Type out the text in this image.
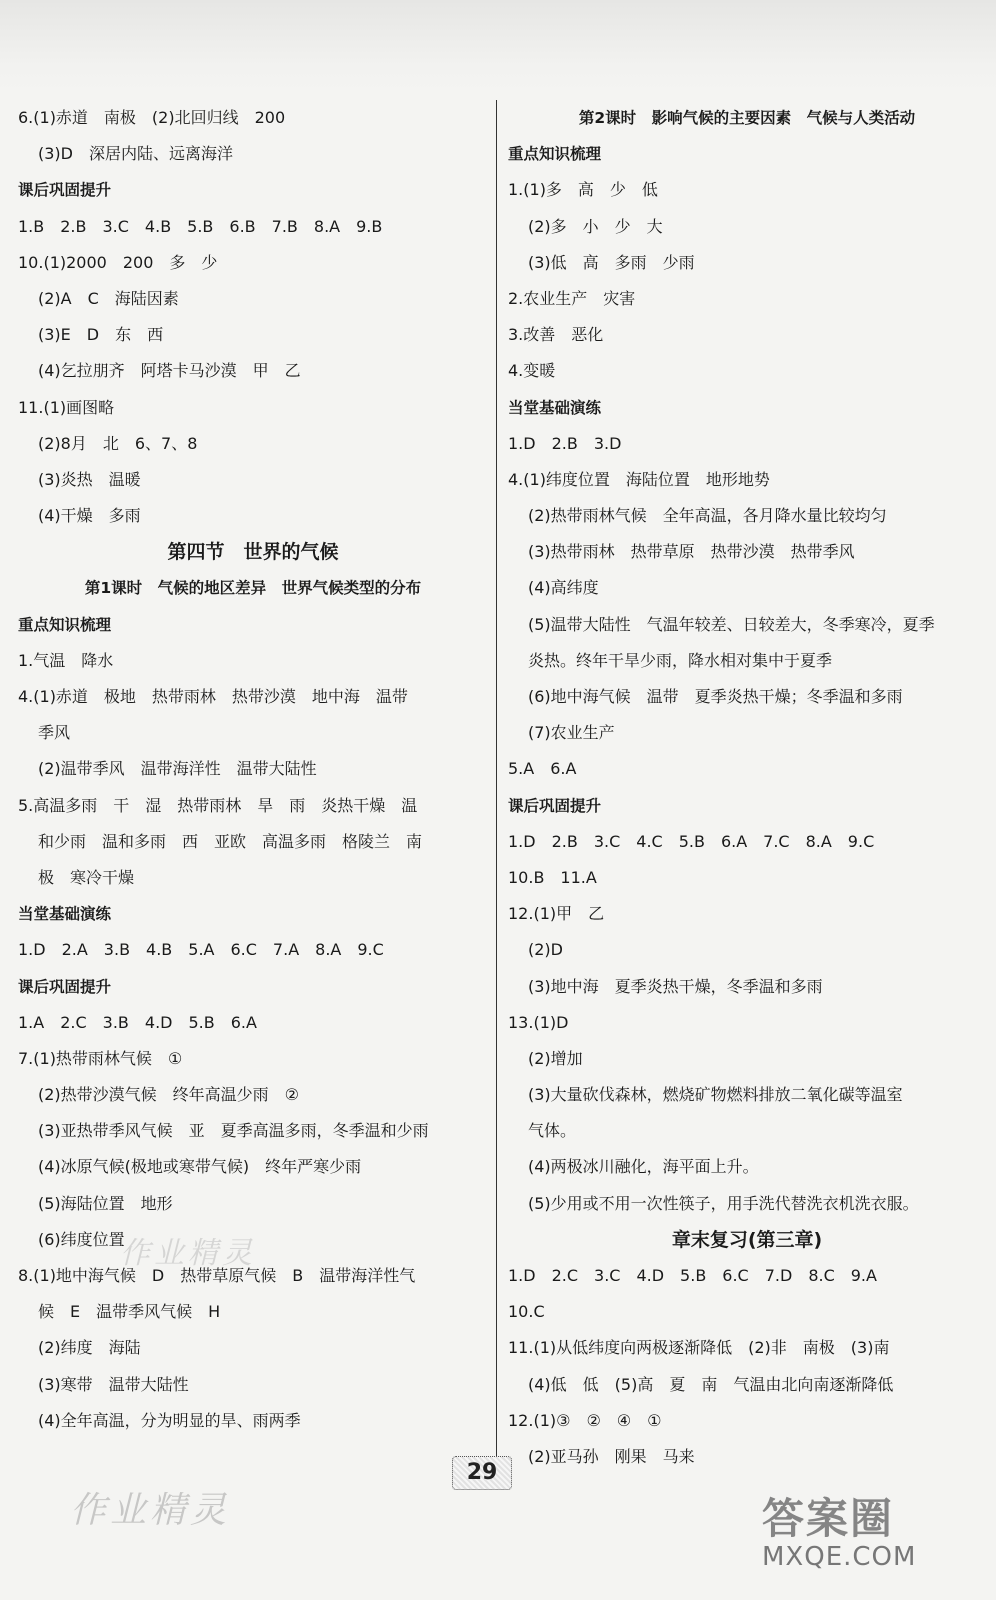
6.(1)赤道　南极　(2)北回归线　200
(3)D　深居内陆、远离海洋
课后巩固提升
1.B　2.B　3.C　4.B　5.B　6.B　7.B　8.A　9.B
10.(1)2000　200　多　少
(2)A　C　海陆因素
(3)E　D　东　西
(4)乞拉朋齐　阿塔卡马沙漠　甲　乙
11.(1)画图略
(2)8月　北　6、7、8
(3)炎热　温暖
(4)干燥　多雨
第四节　世界的气候
第1课时　气候的地区差异　世界气候类型的分布
重点知识梳理
1.气温　降水
4.(1)赤道　极地　热带雨林　热带沙漠　地中海　温带
季风
(2)温带季风　温带海洋性　温带大陆性
5.高温多雨　干　湿　热带雨林　旱　雨　炎热干燥　温
和少雨　温和多雨　西　亚欧　高温多雨　格陵兰　南
极　寒冷干燥
当堂基础演练
1.D　2.A　3.B　4.B　5.A　6.C　7.A　8.A　9.C
课后巩固提升
1.A　2.C　3.B　4.D　5.B　6.A
7.(1)热带雨林气候　①
(2)热带沙漠气候　终年高温少雨　②
(3)亚热带季风气候　亚　夏季高温多雨，冬季温和少雨
(4)冰原气候(极地或寒带气候)　终年严寒少雨
(5)海陆位置　地形
(6)纬度位置
8.(1)地中海气候　D　热带草原气候　B　温带海洋性气
候　E　温带季风气候　H
(2)纬度　海陆
(3)寒带　温带大陆性
(4)全年高温，分为明显的旱、雨两季
第2课时　影响气候的主要因素　气候与人类活动
重点知识梳理
1.(1)多　高　少　低
(2)多　小　少　大
(3)低　高　多雨　少雨
2.农业生产　灾害
3.改善　恶化
4.变暖
当堂基础演练
1.D　2.B　3.D
4.(1)纬度位置　海陆位置　地形地势
(2)热带雨林气候　全年高温，各月降水量比较均匀
(3)热带雨林　热带草原　热带沙漠　热带季风
(4)高纬度
(5)温带大陆性　气温年较差、日较差大，冬季寒冷，夏季
炎热。终年干旱少雨，降水相对集中于夏季
(6)地中海气候　温带　夏季炎热干燥；冬季温和多雨
(7)农业生产
5.A　6.A
课后巩固提升
1.D　2.B　3.C　4.C　5.B　6.A　7.C　8.A　9.C
10.B　11.A
12.(1)甲　乙
(2)D
(3)地中海　夏季炎热干燥，冬季温和多雨
13.(1)D
(2)增加
(3)大量砍伐森林，燃烧矿物燃料排放二氧化碳等温室
气体。
(4)两极冰川融化，海平面上升。
(5)少用或不用一次性筷子，用手洗代替洗衣机洗衣服。
章末复习(第三章)
1.D　2.C　3.C　4.D　5.B　6.C　7.D　8.C　9.A
10.C
11.(1)从低纬度向两极逐渐降低　(2)非　南极　(3)南
(4)低　低　(5)高　夏　南　气温由北向南逐渐降低
12.(1)③　②　④　①
(2)亚马孙　刚果　马来
29
作业精灵
作业精灵	答案圈
MXQE.COM
